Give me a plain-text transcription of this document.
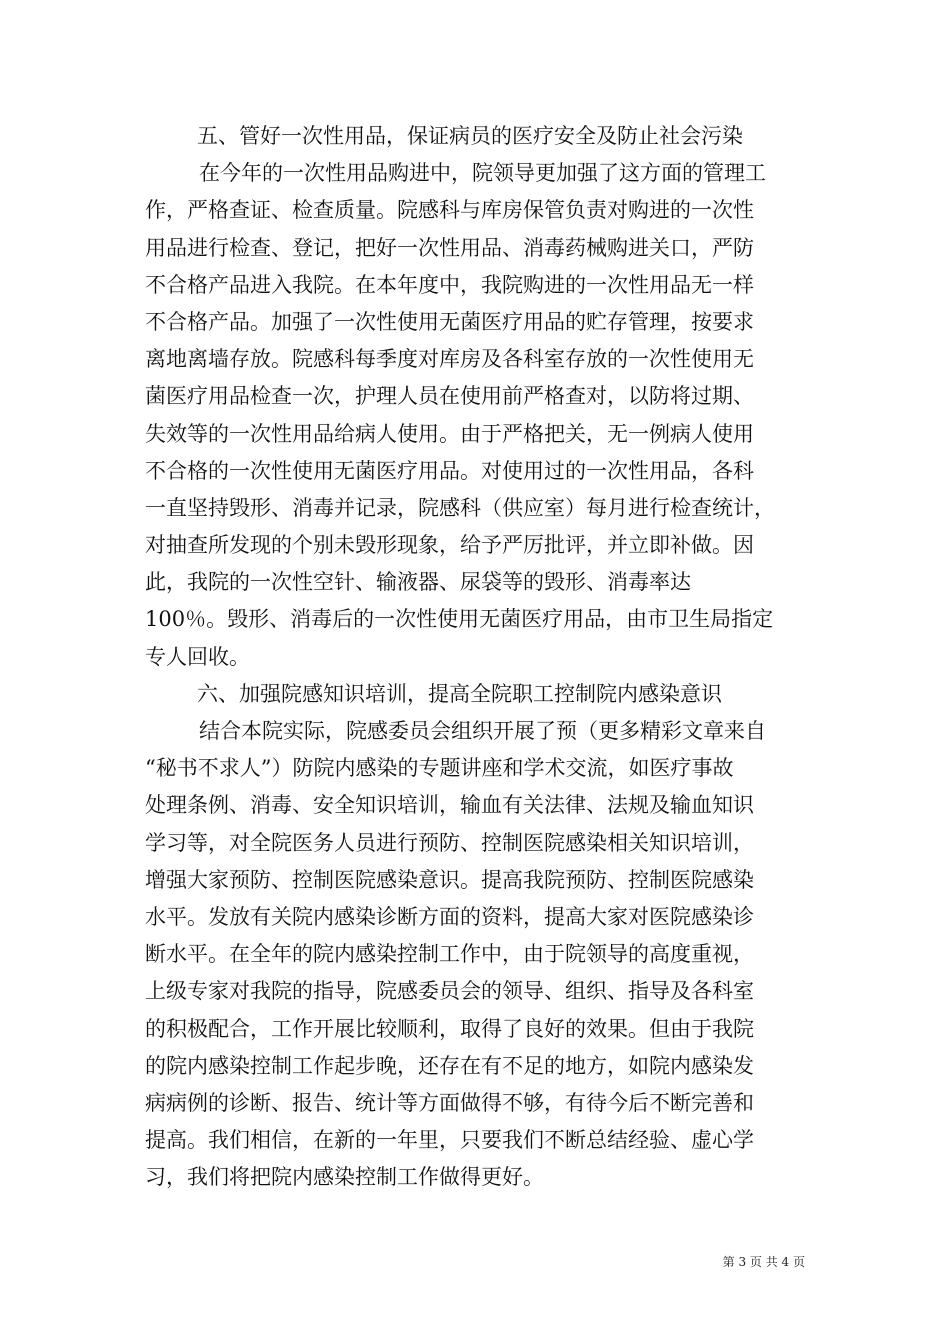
五、管好一次性用品，保证病员的医疗安全及防止社会污染
在今年的一次性用品购进中，院领导更加强了这方面的管理工
作，严格查证、检查质量。院感科与库房保管负责对购进的一次性
用品进行检查、登记，把好一次性用品、消毒药械购进关口，严防
不合格产品进入我院。在本年度中，我院购进的一次性用品无一样
不合格产品。加强了一次性使用无菌医疗用品的贮存管理，按要求
离地离墙存放。院感科每季度对库房及各科室存放的一次性使用无
菌医疗用品检查一次，护理人员在使用前严格查对，以防将过期、
失效等的一次性用品给病人使用。由于严格把关，无一例病人使用
不合格的一次性使用无菌医疗用品。对使用过的一次性用品，各科
一直坚持毁形、消毒并记录，院感科（供应室）每月进行检查统计，
对抽查所发现的个别未毁形现象，给予严厉批评，并立即补做。因
此，我院的一次性空针、输液器、尿袋等的毁形、消毒率达
100％。毁形、消毒后的一次性使用无菌医疗用品，由市卫生局指定
专人回收。
六、加强院感知识培训，提高全院职工控制院内感染意识
结合本院实际，院感委员会组织开展了预（更多精彩文章来自
“秘书不求人”）防院内感染的专题讲座和学术交流，如医疗事故
处理条例、消毒、安全知识培训，输血有关法律、法规及输血知识
学习等，对全院医务人员进行预防、控制医院感染相关知识培训，
增强大家预防、控制医院感染意识。提高我院预防、控制医院感染
水平。发放有关院内感染诊断方面的资料，提高大家对医院感染诊
断水平。在全年的院内感染控制工作中，由于院领导的高度重视，
上级专家对我院的指导，院感委员会的领导、组织、指导及各科室
的积极配合，工作开展比较顺利，取得了良好的效果。但由于我院
的院内感染控制工作起步晚，还存在有不足的地方，如院内感染发
病病例的诊断、报告、统计等方面做得不够，有待今后不断完善和
提高。我们相信，在新的一年里，只要我们不断总结经验、虚心学
习，我们将把院内感染控制工作做得更好。
第 3 页 共 4 页
